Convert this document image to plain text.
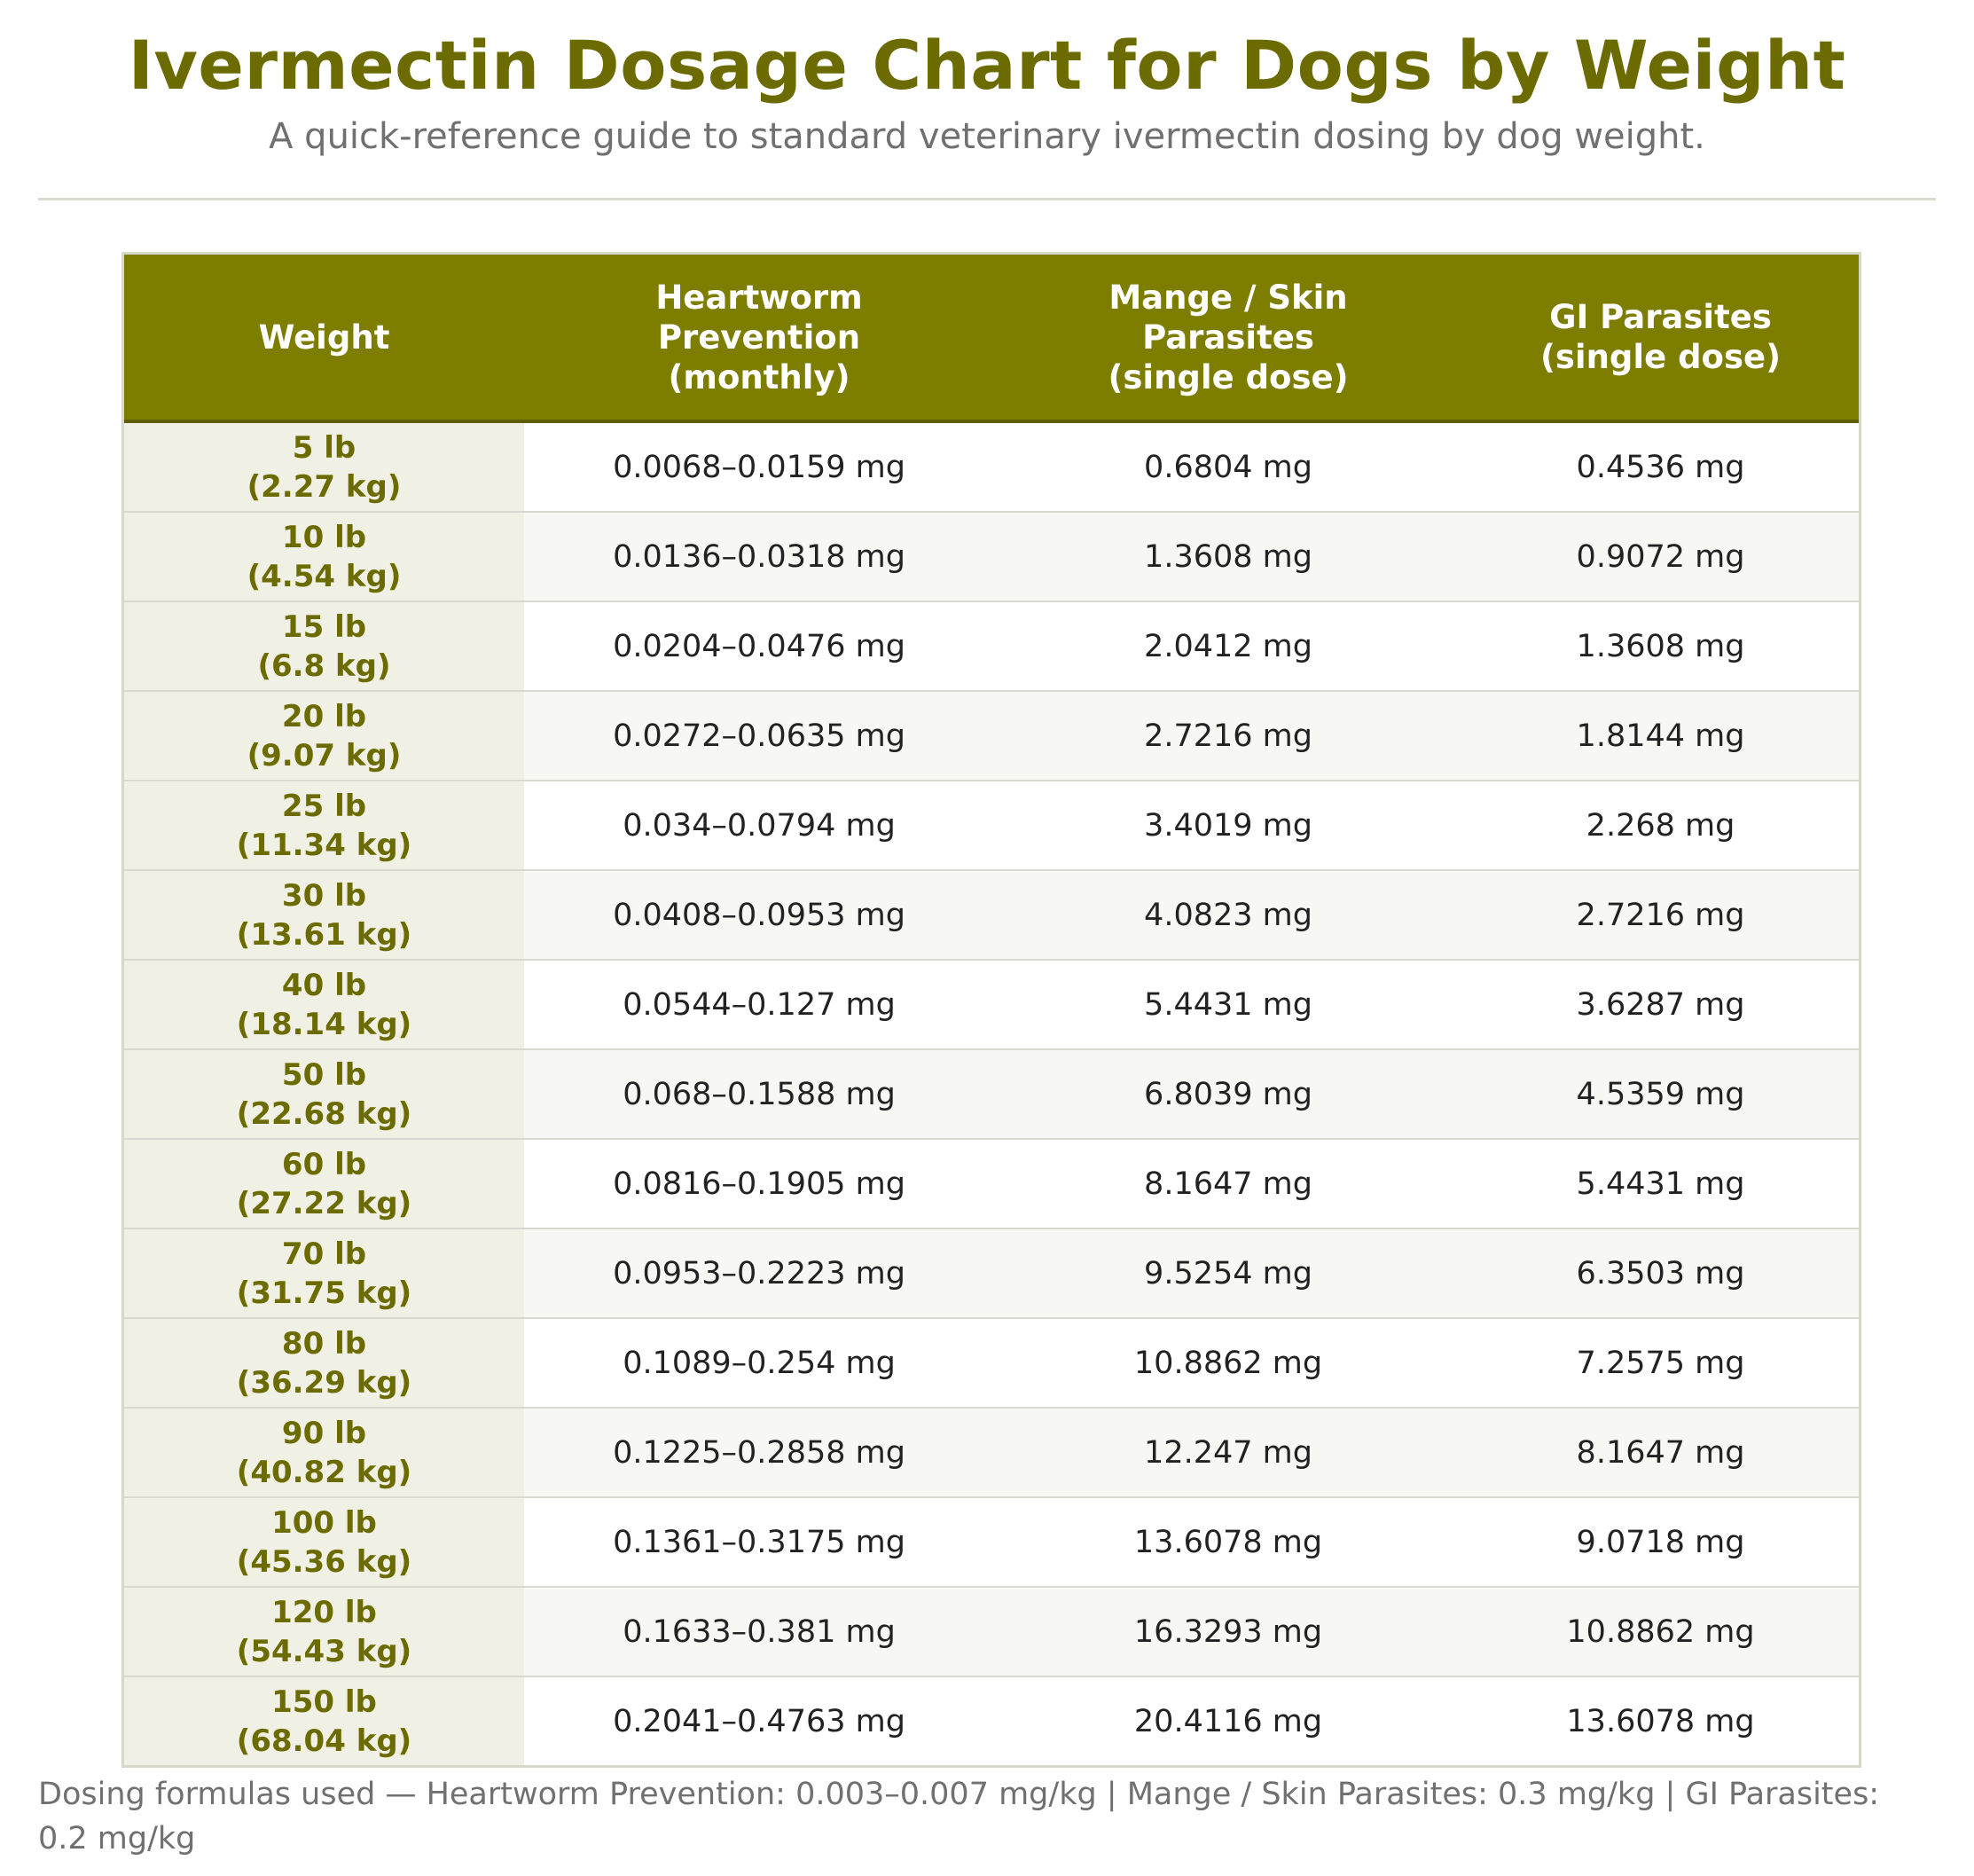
Ivermectin Dosage Chart for Dogs by Weight
A quick-reference guide to standard veterinary ivermectin dosing by dog weight.
Weight	Heartworm
Prevention
(monthly)	Mange / Skin
Parasites
(single dose)	GI Parasites
(single dose)
5 lb
(2.27 kg)	0.0068–0.0159 mg	0.6804 mg	0.4536 mg
10 lb
(4.54 kg)	0.0136–0.0318 mg	1.3608 mg	0.9072 mg
15 lb
(6.8 kg)	0.0204–0.0476 mg	2.0412 mg	1.3608 mg
20 lb
(9.07 kg)	0.0272–0.0635 mg	2.7216 mg	1.8144 mg
25 lb
(11.34 kg)	0.034–0.0794 mg	3.4019 mg	2.268 mg
30 lb
(13.61 kg)	0.0408–0.0953 mg	4.0823 mg	2.7216 mg
40 lb
(18.14 kg)	0.0544–0.127 mg	5.4431 mg	3.6287 mg
50 lb
(22.68 kg)	0.068–0.1588 mg	6.8039 mg	4.5359 mg
60 lb
(27.22 kg)	0.0816–0.1905 mg	8.1647 mg	5.4431 mg
70 lb
(31.75 kg)	0.0953–0.2223 mg	9.5254 mg	6.3503 mg
80 lb
(36.29 kg)	0.1089–0.254 mg	10.8862 mg	7.2575 mg
90 lb
(40.82 kg)	0.1225–0.2858 mg	12.247 mg	8.1647 mg
100 lb
(45.36 kg)	0.1361–0.3175 mg	13.6078 mg	9.0718 mg
120 lb
(54.43 kg)	0.1633–0.381 mg	16.3293 mg	10.8862 mg
150 lb
(68.04 kg)	0.2041–0.4763 mg	20.4116 mg	13.6078 mg
Dosing formulas used — Heartworm Prevention: 0.003–0.007 mg/kg | Mange / Skin Parasites: 0.3 mg/kg | GI Parasites: 0.2 mg/kg
